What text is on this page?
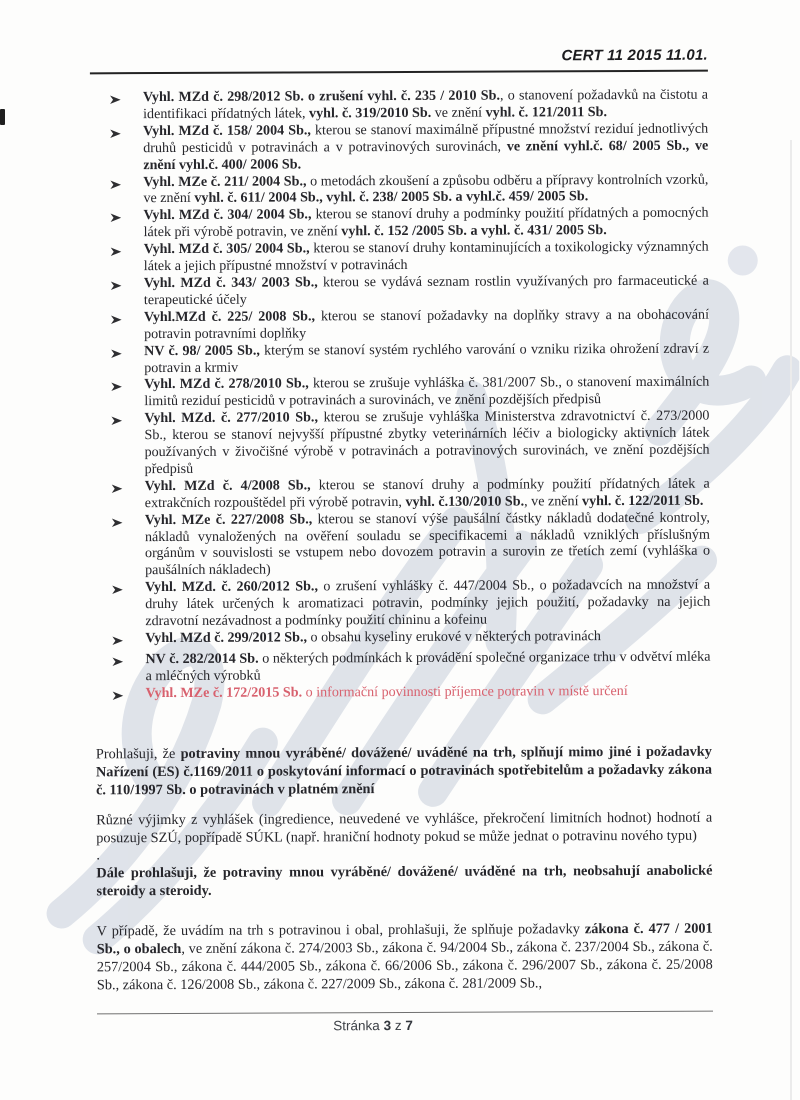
CERT 11 2015 11.01.
Vyhl. MZd č. 298/2012 Sb. o zrušení vyhl. č. 235 / 2010 Sb., o stanovení požadavků na čistotu a identifikaci přídatných látek, vyhl. č. 319/2010 Sb. ve znění vyhl. č. 121/2011 Sb.
Vyhl. MZd č. 158/ 2004 Sb., kterou se stanoví maximálně přípustné množství reziduí jednotlivých druhů pesticidů v potravinách a v potravinových surovinách, ve znění vyhl.č. 68/ 2005 Sb., ve znění vyhl.č. 400/ 2006 Sb.
Vyhl. MZe č. 211/ 2004 Sb., o metodách zkoušení a způsobu odběru a přípravy kontrolních vzorků, ve znění vyhl. č. 611/ 2004 Sb., vyhl. č. 238/ 2005 Sb. a vyhl.č. 459/ 2005 Sb.
Vyhl. MZd č. 304/ 2004 Sb., kterou se stanoví druhy a podmínky použití přídatných a pomocných látek při výrobě potravin, ve znění vyhl. č. 152 /2005 Sb. a vyhl. č. 431/ 2005 Sb.
Vyhl. MZd č. 305/ 2004 Sb., kterou se stanoví druhy kontaminujících a toxikologicky významných látek a jejich přípustné množství v potravinách
Vyhl. MZd č. 343/ 2003 Sb., kterou se vydává seznam rostlin využívaných pro farmaceutické a terapeutické účely
Vyhl.MZd č. 225/ 2008 Sb., kterou se stanoví požadavky na doplňky stravy a na obohacování potravin potravními doplňky
NV č. 98/ 2005 Sb., kterým se stanoví systém rychlého varování o vzniku rizika ohrožení zdraví z potravin a krmiv
Vyhl. MZd č. 278/2010 Sb., kterou se zrušuje vyhláška č. 381/2007 Sb., o stanovení maximálních limitů reziduí pesticidů v potravinách a surovinách, ve znění pozdějších předpisů
Vyhl. MZd. č. 277/2010 Sb., kterou se zrušuje vyhláška Ministerstva zdravotnictví č. 273/2000 Sb., kterou se stanoví nejvyšší přípustné zbytky veterinárních léčiv a biologicky aktivních látek používaných v živočišné výrobě v potravinách a potravinových surovinách, ve znění pozdějších předpisů
Vyhl. MZd č. 4/2008 Sb., kterou se stanoví druhy a podmínky použití přídatných látek a extrakčních rozpouštědel při výrobě potravin, vyhl. č.130/2010 Sb., ve znění vyhl. č. 122/2011 Sb.
Vyhl. MZe č. 227/2008 Sb., kterou se stanoví výše paušální částky nákladů dodatečné kontroly, nákladů vynaložených na ověření souladu se specifikacemi a nákladů vzniklých příslušným orgánům v souvislosti se vstupem nebo dovozem potravin a surovin ze třetích zemí (vyhláška o paušálních nákladech)
Vyhl. MZd. č. 260/2012 Sb., o zrušení vyhlášky č. 447/2004 Sb., o požadavcích na množství a druhy látek určených k aromatizaci potravin, podmínky jejich použití, požadavky na jejich zdravotní nezávadnost a podmínky použití chininu a kofeinu
Vyhl. MZd č. 299/2012 Sb., o obsahu kyseliny erukové v některých potravinách
NV č. 282/2014 Sb. o některých podmínkách k provádění společné organizace trhu v odvětví mléka a mléčných výrobků
Vyhl. MZe č. 172/2015 Sb. o informační povinnosti příjemce potravin v místě určení

Prohlašuji, že potraviny mnou vyráběné/ dovážené/ uváděné na trh, splňují mimo jiné i požadavky Nařízení (ES) č.1169/2011 o poskytování informací o potravinách spotřebitelům a požadavky zákona č. 110/1997 Sb. o potravinách v platném znění

Různé výjimky z vyhlášek (ingredience, neuvedené ve vyhlášce, překročení limitních hodnot) hodnotí a posuzuje SZÚ, popřípadě SÚKL (např. hraniční hodnoty pokud se může jednat o potravinu nového typu)

.

Dále prohlašuji, že potraviny mnou vyráběné/ dovážené/ uváděné na trh, neobsahují anabolické steroidy a steroidy.

V případě, že uvádím na trh s potravinou i obal, prohlašuji, že splňuje požadavky zákona č. 477 / 2001 Sb., o obalech, ve znění zákona č. 274/2003 Sb., zákona č. 94/2004 Sb., zákona č. 237/2004 Sb., zákona č. 257/2004 Sb., zákona č. 444/2005 Sb., zákona č. 66/2006 Sb., zákona č. 296/2007 Sb., zákona č. 25/2008 Sb., zákona č. 126/2008 Sb., zákona č. 227/2009 Sb., zákona č. 281/2009 Sb.,

Stránka 3 z 7
